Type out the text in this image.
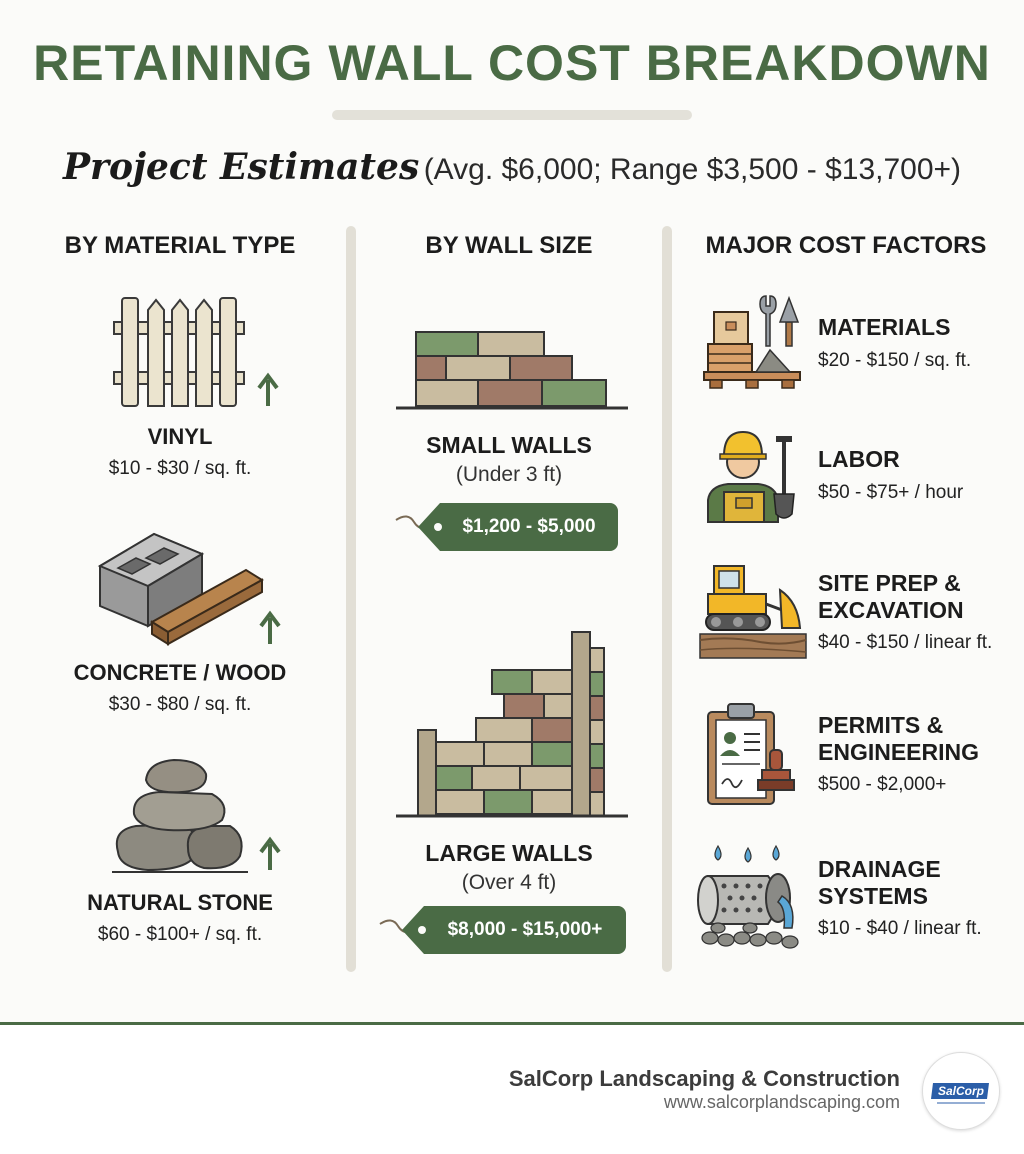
RETAINING WALL COST BREAKDOWN
Project Estimates (Avg. $6,000; Range $3,500 - $13,700+)
BY MATERIAL TYPE	BY WALL SIZE	MAJOR COST FACTORS
VINYL
$10 - $30 / sq. ft.
CONCRETE / WOOD
$30 - $80 / sq. ft.
NATURAL STONE
$60 - $100+ / sq. ft.
SMALL WALLS
(Under 3 ft)
$1,200 - $5,000
LARGE WALLS
(Over 4 ft)
$8,000 - $15,000+
MATERIALS
$20 - $150 / sq. ft.
LABOR
$50 - $75+ / hour
SITE PREP &
EXCAVATION
$40 - $150 / linear ft.
PERMITS &
ENGINEERING
$500 - $2,000+
DRAINAGE
SYSTEMS
$10 - $40 / linear ft.
SalCorp Landscaping & Construction
www.salcorplandscaping.com
SalCorp
